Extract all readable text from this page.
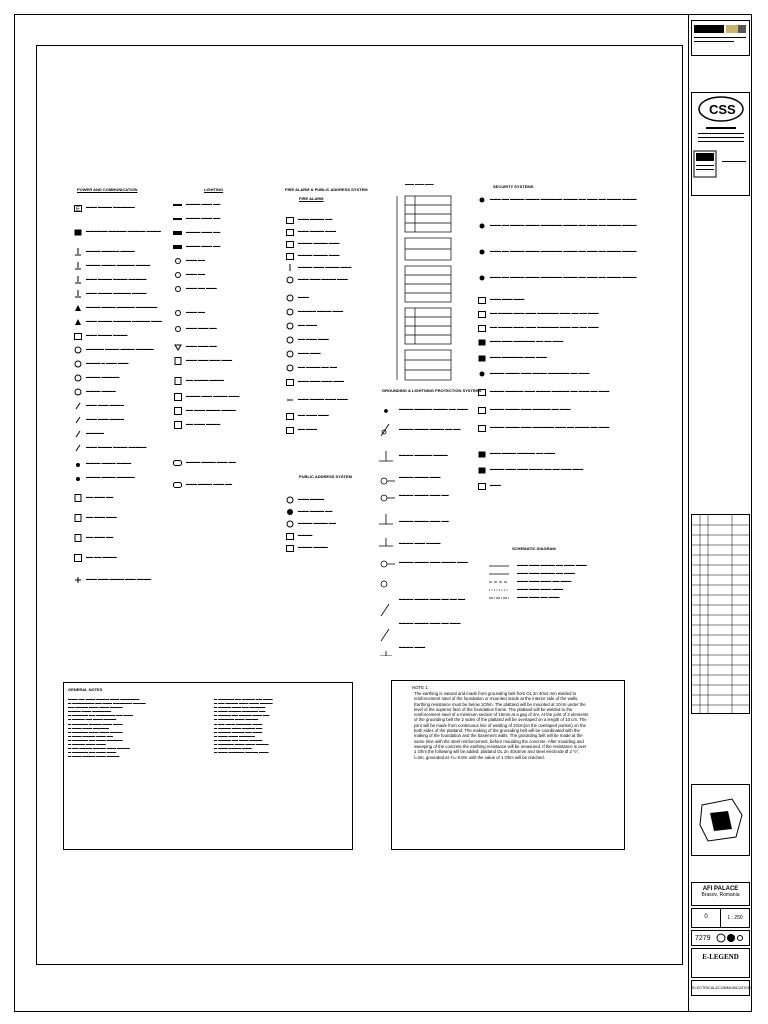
POWER AND COMMUNICATION
E ▬▬▬ ▬▬▬▬ ▬▬▬▬▬▬
▬▬▬▬▬▬ ▬▬▬▬▬ ▬▬▬▬▬ ▬▬▬▬
▬▬▬▬ ▬▬▬▬▬ ▬▬▬▬
▬▬▬▬ ▬▬▬▬ ▬▬▬▬▬ ▬▬▬▬
▬▬▬ ▬▬▬▬ ▬▬▬▬ ▬▬▬▬▬
▬▬▬ ▬▬▬▬ ▬▬▬▬▬ ▬▬▬▬
▬▬▬▬ ▬▬▬▬ ▬▬▬▬▬ ▬▬▬▬▬▬
▬▬▬ ▬▬▬▬ ▬▬▬▬▬ ▬▬▬▬▬ ▬▬▬
▬▬▬ ▬▬▬▬ ▬▬▬▬
▬▬▬▬▬ ▬▬▬▬ ▬▬▬▬ ▬▬▬▬▬
▬▬▬▬ ▬ ▬▬▬ ▬▬▬
▬▬▬▬ ▬▬▬▬▬
▬▬▬▬ ▬▬▬▬
▬▬▬ ▬▬▬ ▬▬▬▬
▬▬▬ ▬▬▬ ▬▬▬▬
▬▬▬▬▬
▬▬▬ ▬▬▬▬ ▬▬▬▬ ▬▬▬▬▬
▬▬▬▬ ▬▬▬▬ ▬▬▬▬
▬▬▬▬ ▬▬▬▬ ▬▬▬▬▬
▬▬ ▬▬▬ ▬▬
▬▬ ▬▬▬ ▬▬▬
▬▬ ▬▬▬ ▬▬
▬▬ ▬▬ ▬▬▬▬
▬▬▬ ▬▬▬ ▬▬▬▬ ▬▬▬ ▬▬▬▬
LIGHTING
▬▬▬▬ ▬▬▬ ▬▬
▬▬▬▬ ▬▬▬ ▬▬
▬▬▬▬ ▬▬▬ ▬▬
▬▬▬▬ ▬▬▬ ▬▬
▬▬▬ ▬▬
▬▬▬ ▬▬
▬▬▬ ▬▬ ▬▬▬
▬▬▬ ▬▬
▬▬▬ ▬▬▬ ▬▬
▬▬▬ ▬▬▬ ▬▬
▬▬▬ ▬▬▬ ▬▬▬ ▬▬▬
▬▬ ▬▬▬▬ ▬▬▬▬
▬▬▬▬ ▬▬▬ ▬▬▬▬ ▬▬▬
▬▬ ▬▬▬ ▬▬▬▬ ▬▬▬▬
▬▬ ▬▬▬ ▬▬▬▬
▬▬▬▬ ▬▬▬▬ ▬▬▬ ▬▬
▬▬▬ ▬▬▬▬ ▬▬▬ ▬▬
FIRE ALARM & PUBLIC ADDRESS SYSTEM
FIRE ALARM
▬▬▬ ▬▬▬▬ ▬▬
▬▬▬ ▬▬▬▬ ▬▬▬
▬▬▬▬ ▬▬▬▬ ▬▬▬
▬▬▬▬ ▬▬▬▬ ▬▬▬
▬▬▬▬ ▬▬▬ ▬▬▬▬ ▬▬▬
▬▬▬ ▬▬▬ ▬▬▬▬ ▬▬▬
▬▬▬
▬▬▬▬▬ ▬▬▬▬ ▬▬▬
▬▬ ▬▬▬
▬▬ ▬▬▬ ▬▬▬
▬▬▬ ▬▬▬
▬▬ ▬▬▬▬ ▬▬ ▬▬
▬▬▬ ▬▬▬ ▬▬▬ ▬▬▬
▬▬▬ ▬▬▬▬ ▬▬▬ ▬▬▬
▬▬ ▬▬▬ ▬▬▬
▬▬ ▬▬▬
PUBLIC ADDRESS SYSTEM
▬▬▬ ▬▬▬▬
▬▬▬ ▬▬▬▬ ▬▬
▬▬▬▬ ▬▬▬▬ ▬▬
▬▬▬▬
▬▬▬▬ ▬▬▬▬
▬▬▬ ▬▬▬ ▬▬▬
GROUNDING & LIGHTNING PROTECTION SYSTEMS
▬▬▬▬ ▬▬▬▬▬ ▬▬▬▬ ▬▬ ▬▬▬
▬▬▬▬ ▬▬▬▬ ▬▬▬▬ ▬▬ ▬▬
▬▬▬▬ ▬▬▬▬▬ ▬▬▬▬
▬▬▬▬ ▬▬▬▬ ▬▬▬
▬▬▬▬ ▬▬▬▬ ▬▬▬ ▬▬
▬▬▬▬ ▬▬▬▬ ▬▬▬ ▬▬
▬▬▬▬ ▬▬▬ ▬▬▬▬
▬▬▬▬ ▬▬▬▬ ▬▬▬ ▬▬▬▬ ▬▬▬
▬▬▬▬ ▬▬▬▬ ▬▬▬ ▬▬ ▬▬ ▬▬
▬▬▬▬ ▬▬▬▬ ▬▬▬ ▬▬ ▬▬▬
▬▬▬▬ ▬▬▬
SECURITY SYSTEMS
▬▬▬ ▬▬ ▬▬▬▬ ▬▬▬▬ ▬▬▬▬▬▬ ▬▬▬▬ ▬▬ ▬▬▬ ▬▬ ▬▬▬▬ ▬▬▬▬
▬▬▬ ▬▬ ▬▬▬▬ ▬▬▬▬ ▬▬▬▬▬▬ ▬▬▬▬ ▬▬ ▬▬▬ ▬▬ ▬▬▬▬ ▬▬▬▬
▬▬▬ ▬▬ ▬▬▬▬ ▬▬▬▬ ▬▬▬▬▬▬ ▬▬▬▬ ▬▬ ▬▬▬ ▬▬ ▬▬▬▬ ▬▬▬▬
▬▬▬ ▬▬ ▬▬▬▬ ▬▬▬▬ ▬▬▬▬▬▬ ▬▬▬▬ ▬▬ ▬▬▬ ▬▬ ▬▬▬▬ ▬▬▬▬
▬▬▬ ▬▬▬ ▬▬▬
▬▬ ▬▬▬▬ ▬▬▬ ▬▬▬ ▬▬▬▬▬▬ ▬▬▬ ▬▬ ▬▬ ▬▬▬
▬▬ ▬▬▬▬ ▬▬▬ ▬▬▬ ▬▬▬▬▬▬ ▬▬▬ ▬▬ ▬▬ ▬▬▬
▬▬▬ ▬▬▬ ▬▬▬▬▬▬ ▬▬ ▬▬ ▬▬▬
▬▬▬ ▬▬▬▬▬▬ ▬▬▬ ▬▬▬
▬▬▬▬ ▬▬▬▬ ▬▬▬ ▬▬▬▬ ▬▬▬▬▬▬ ▬▬ ▬▬▬
▬▬▬▬ ▬▬▬▬▬ ▬▬▬ ▬▬▬▬ ▬▬▬▬▬ ▬▬ ▬▬▬ ▬▬ ▬▬▬
▬▬▬▬ ▬▬▬▬ ▬▬▬ ▬▬▬▬▬ ▬▬ ▬▬▬
▬▬▬▬ ▬▬▬▬ ▬▬▬ ▬▬▬▬▬▬ ▬▬▬ ▬▬ ▬▬▬▬ ▬▬ ▬▬▬
▬▬▬ ▬▬▬▬ ▬▬▬▬▬ ▬▬ ▬▬▬
▬▬▬▬ ▬▬▬ ▬▬▬ ▬▬▬▬ ▬▬ ▬▬ ▬▬▬ ▬▬▬
▬▬▬
SCHEMATIC DIAGRAM
▬▬▬ ▬▬▬ ▬▬▬▬ ▬▬ ▬▬▬ ▬▬▬
▬▬▬ ▬▬▬ ▬▬▬▬ ▬▬ ▬▬▬
▬▬▬ ▬▬▬ ▬▬▬ ▬▬ ▬▬▬
▬▬▬ ▬▬▬ ▬▬▬ ▬▬▬
▬▬▬ ▬▬▬ ▬▬ ▬▬▬
GENERAL NOTES
▬▬▬ ▬▬ ▬▬▬ ▬▬▬▬ ▬▬▬ ▬▬▬▬▬▬
▬ ▬▬▬▬▬▬▬ ▬▬ ▬▬▬ ▬▬▬▬▬▬ ▬▬▬▬
▬▬ ▬▬▬▬ ▬▬▬ ▬▬▬ ▬▬▬▬
▬▬▬▬ ▬▬▬ ▬▬▬▬▬▬
▬ ▬▬▬▬▬ ▬▬ ▬▬▬▬▬▬ ▬▬ ▬▬▬
▬ ▬▬▬▬ ▬▬ ▬▬▬ ▬▬▬▬
▬ ▬▬▬▬▬ ▬▬▬▬ ▬▬▬ ▬▬▬
▬ ▬▬▬ ▬▬▬ ▬▬▬▬▬
▬ ▬▬▬▬▬ ▬▬▬ ▬▬▬ ▬▬▬▬
▬ ▬▬▬ ▬▬▬▬ ▬▬▬ ▬▬
▬ ▬▬▬▬▬ ▬▬ ▬▬▬ ▬▬▬▬▬
▬ ▬▬▬▬ ▬▬▬ ▬▬▬
▬ ▬▬ ▬▬▬▬ ▬▬▬▬ ▬▬▬ ▬▬▬▬
▬ ▬▬▬▬▬ ▬▬ ▬▬▬ ▬▬▬
▬ ▬▬▬ ▬▬▬▬ ▬▬▬ ▬▬▬▬
▬ ▬▬▬▬▬ ▬▬ ▬▬▬▬ ▬▬ ▬▬▬
▬ ▬▬ ▬▬▬▬ ▬▬▬ ▬▬▬ ▬▬▬▬
▬ ▬▬▬▬ ▬▬▬ ▬▬ ▬▬▬▬▬
▬ ▬▬▬ ▬▬▬▬ ▬▬▬▬▬ ▬▬
▬ ▬▬▬▬ ▬▬ ▬▬▬▬ ▬▬▬ ▬▬
▬ ▬▬▬▬▬ ▬▬▬ ▬▬▬▬
▬ ▬▬ ▬▬▬ ▬▬▬▬▬ ▬▬▬
▬ ▬▬▬▬ ▬▬▬ ▬▬▬▬ ▬▬
▬ ▬▬▬▬ ▬▬▬▬ ▬▬ ▬▬▬
▬ ▬▬▬ ▬▬▬ ▬▬▬▬▬
▬ ▬▬▬▬ ▬▬ ▬▬▬ ▬▬▬▬
▬ ▬▬▬▬▬ ▬▬▬ ▬▬▬ ▬▬▬▬
▬ ▬▬▬ ▬▬▬▬ ▬▬▬
▬ ▬▬▬ ▬▬▬▬▬ ▬▬▬▬ ▬▬▬
NOTE 1:
The earthing is natural and made from grounding belt from OL 2n 40x4 mm welded to reinforcement steel of the foundation or mounted inside at the interior side of the walls. Earthing resistance must be below 1Ohm. The plattand will be mounted at 10cm under the level of the superior face of the foundation frame. The plattand will be welded to the reinforcement steel of a minimum section of 16mm at a gap of 4m. At the joint of 2 elements of the grounding belt the 2 sides of the plattand will be overlaped on a length of 10 cm. The joint will be made from continuous line of welding of 10cm(on the overlaped portion) on the both sides of the plattand. The making of the grounding belt will be coordinated with the making of the foundation and the basement walls. The grounding belt will be made at the same time with the steel reinforcement, before moulding the concrete. After moulding and sweeping of the concrete the earthing resistance will be measured. If the resistance is over 1 Ohm the following will be added: plattand OL 2n 40x4mm and steel electrode Ø 2 ½", l=3m, grounded at -h=-0.8m until the value of 1 Ohm will be reached.
CSS
AFI PALACE
Brasov, Romania
0	1 : 250
7279
E-LEGEND
ELECTRICAL&COMMUNICATION
